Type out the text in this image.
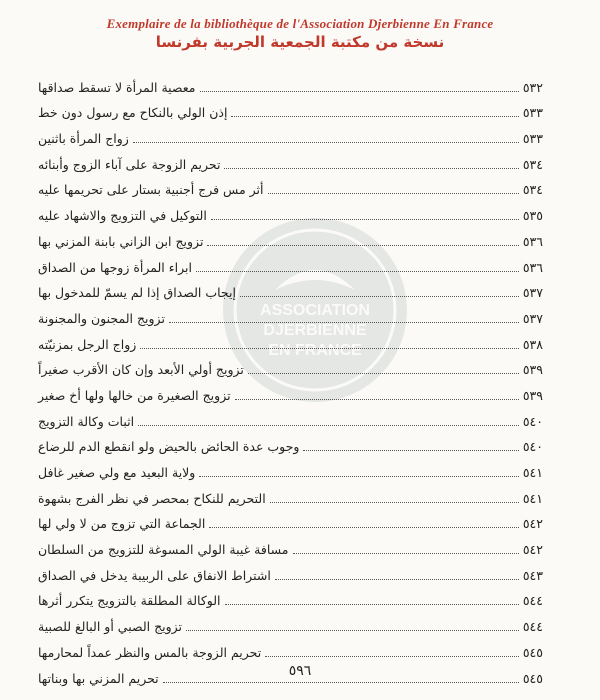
ASSOCIATION
DJERBIENNE
EN FRANCE
Exemplaire de la bibliothèque de l'Association Djerbienne En France
نسخة من مكتبة الجمعية الجربية بفرنسا
معصية المرأة لا تسقط صداقها	٥٣٢
إذن الولي بالنكاح مع رسول دون خط	٥٣٣
زواج المرأة باثنين	٥٣٣
تحريم الزوجة على آباء الزوج وأبنائه	٥٣٤
أثر مس فرج أجنبية بستار على تحريمها عليه	٥٣٤
التوكيل في التزويج والاشهاد عليه	٥٣٥
تزويج ابن الزاني بابنة المزني بها	٥٣٦
ابراء المرأة زوجها من الصداق	٥٣٦
إيجاب الصداق إذا لم يسمّ للمدخول بها	٥٣٧
تزويج المجنون والمجنونة	٥٣٧
زواج الرجل بمزنيّته	٥٣٨
تزويج أولي الأبعد وإن كان الأقرب صغيراً	٥٣٩
تزويج الصغيرة من خالها ولها أخ صغير	٥٣٩
اثبات وكالة التزويج	٥٤٠
وجوب عدة الحائض بالحيض ولو انقطع الدم للرضاع	٥٤٠
ولاية البعيد مع ولي صغير غافل	٥٤١
التحريم للنكاح بمحصر في نظر الفرج بشهوة	٥٤١
الجماعة التي تزوج من لا ولي لها	٥٤٢
مسافة غيبة الولي المسوغة للتزويج من السلطان	٥٤٢
اشتراط الانفاق على الربيبة يدخل في الصداق	٥٤٣
الوكالة المطلقة بالتزويج يتكرر أثرها	٥٤٤
تزويج الصبي أو البالغ للصبية	٥٤٤
تحريم الزوجة بالمس والنظر عمداً لمحارمها	٥٤٥
تحريم المزني بها وبناتها	٥٤٥
٥٩٦
